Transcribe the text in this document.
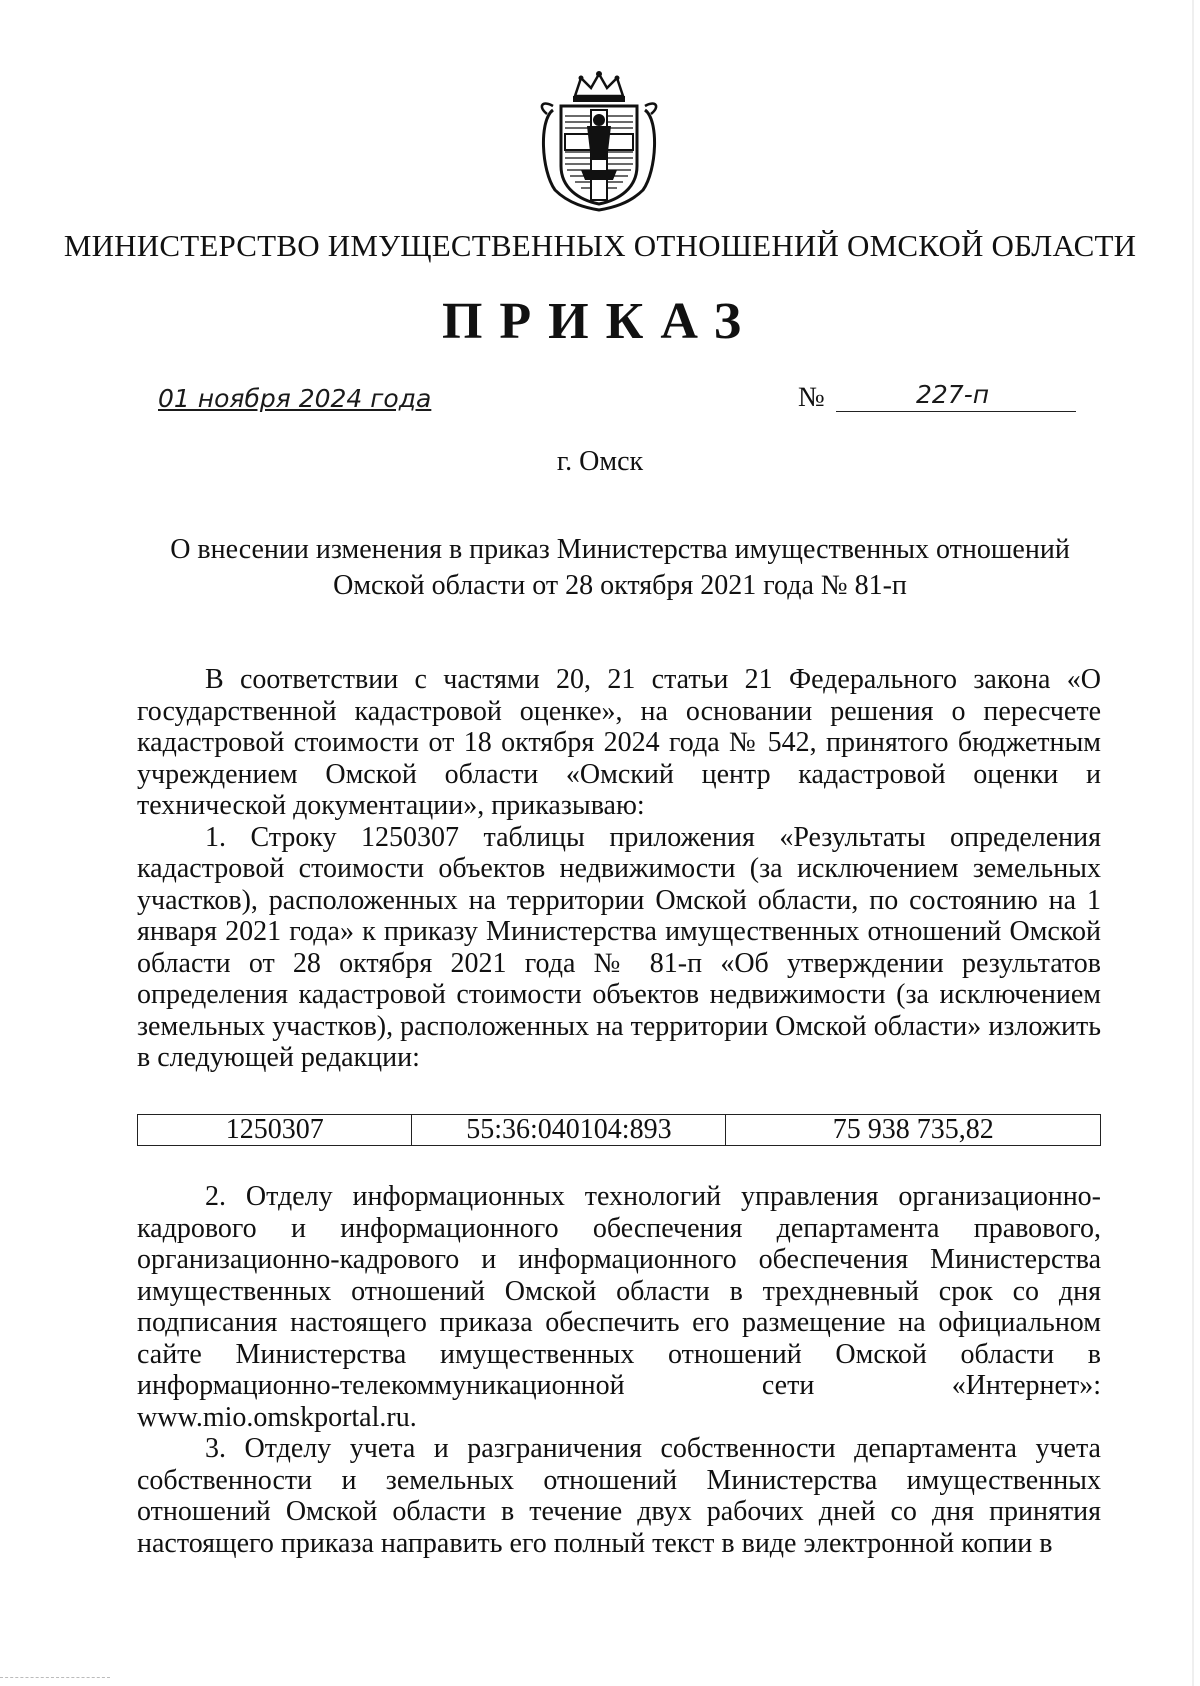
МИНИСТЕРСТВО ИМУЩЕСТВЕННЫХ ОТНОШЕНИЙ ОМСКОЙ ОБЛАСТИ
ПРИКАЗ
01 ноября 2024 года	№	227-п
г. Омск
О внесении изменения в приказ Министерства имущественных отношений
Омской области от 28 октября 2021 года № 81-п

В соответствии с частями 20, 21 статьи 21 Федерального закона «О государственной кадастровой оценке», на основании решения о пересчете кадастровой стоимости от 18 октября 2024 года № 542, принятого бюджетным учреждением Омской области «Омский центр кадастровой оценки и технической документации», приказываю:

1. Строку 1250307 таблицы приложения «Результаты определения кадастровой стоимости объектов недвижимости (за исключением земельных участков), расположенных на территории Омской области, по состоянию на 1 января 2021 года» к приказу Министерства имущественных отношений Омской области от 28 октября 2021 года № 81-п «Об утверждении результатов определения кадастровой стоимости объектов недвижимости (за исключением земельных участков), расположенных на территории Омской области» изложить в следующей редакции:

1250307	55:36:040104:893	75 938 735,82

2. Отделу информационных технологий управления организационно-кадрового и информационного обеспечения департамента правового, организационно-кадрового и информационного обеспечения Министерства имущественных отношений Омской области в трехдневный срок со дня подписания настоящего приказа обеспечить его размещение на официальном сайте Министерства имущественных отношений Омской области в информационно-телекоммуникационной сети «Интернет»: www.mio.omskportal.ru.

3. Отделу учета и разграничения собственности департамента учета собственности и земельных отношений Министерства имущественных отношений Омской области в течение двух рабочих дней со дня принятия настоящего приказа направить его полный текст в виде электронной копии в
